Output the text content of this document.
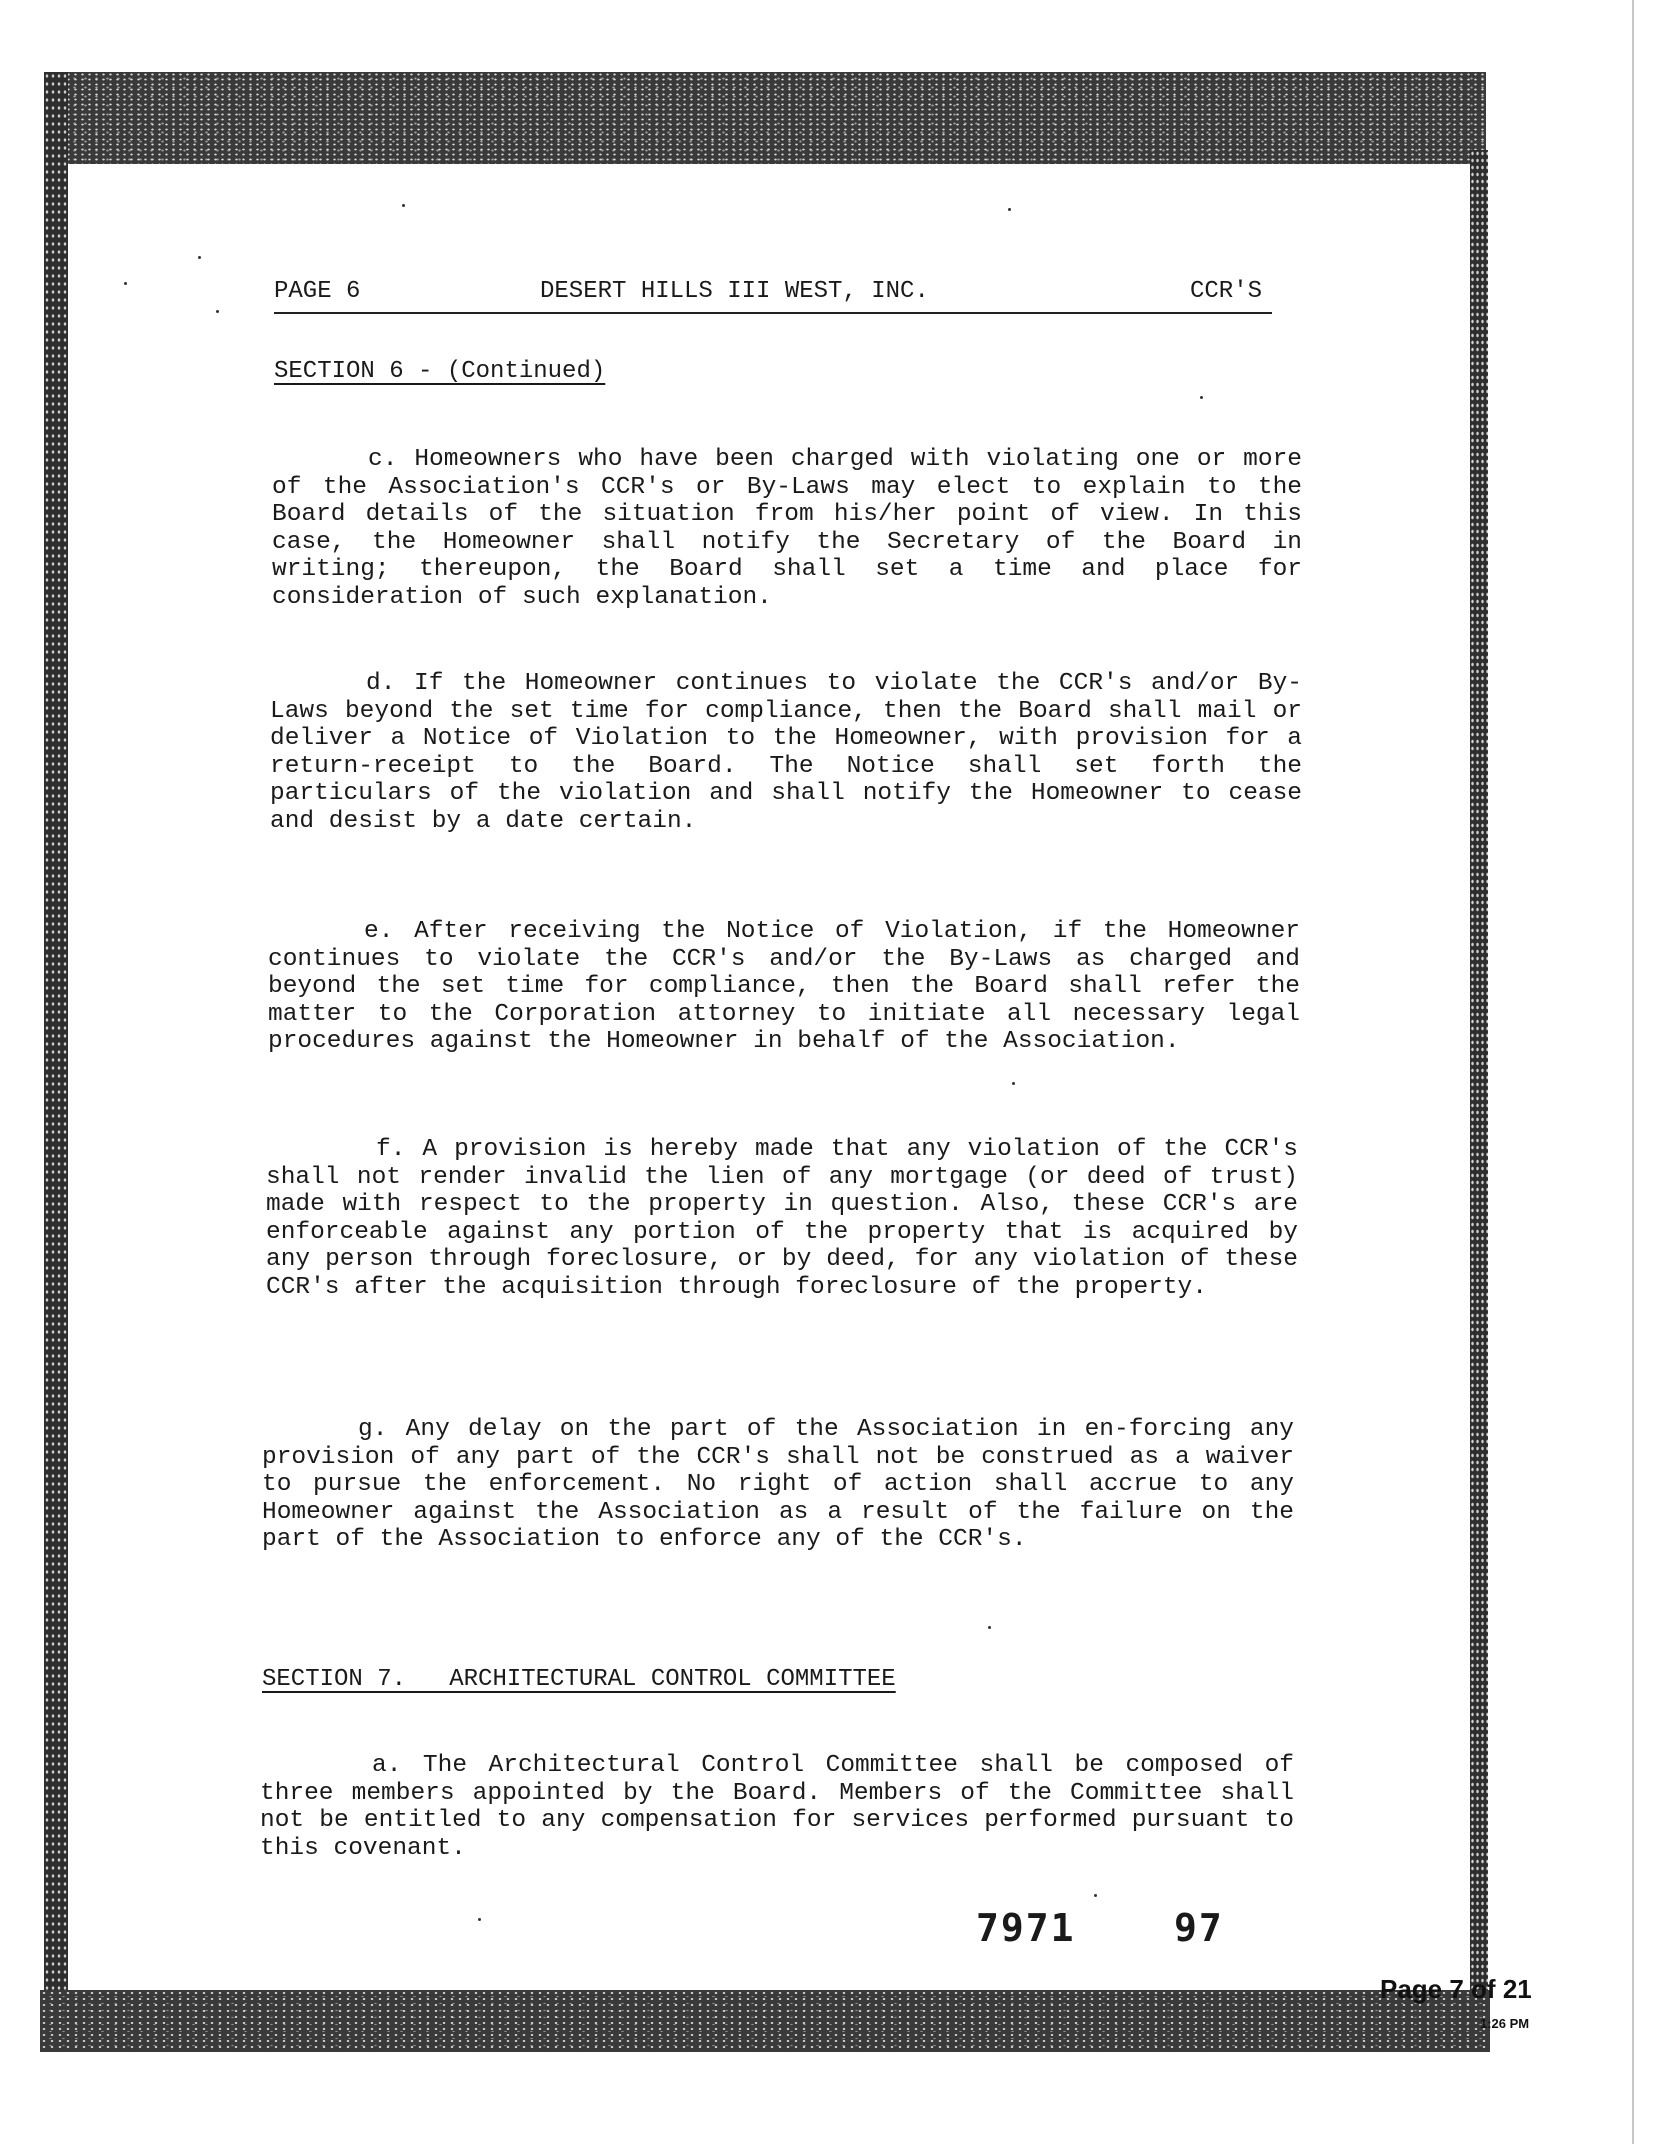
PAGE 6	DESERT HILLS III WEST, INC.	CCR'S
SECTION 6 - (Continued)
c. Homeowners who have been charged with violating one or more of the Association's CCR's or By-Laws may elect to explain to the Board details of the situation from his/her point of view. In this case, the Homeowner shall notify the Secretary of the Board in writing; thereupon, the Board shall set a time and place for consideration of such explanation.
d. If the Homeowner continues to violate the CCR's and/or By-Laws beyond the set time for compliance, then the Board shall mail or deliver a Notice of Violation to the Homeowner, with provision for a return-receipt to the Board. The Notice shall set forth the particulars of the violation and shall notify the Homeowner to cease and desist by a date certain.
e. After receiving the Notice of Violation, if the Homeowner continues to violate the CCR's and/or the By-Laws as charged and beyond the set time for compliance, then the Board shall refer the matter to the Corporation attorney to initiate all necessary legal procedures against the Homeowner in behalf of the Association.
f. A provision is hereby made that any violation of the CCR's shall not render invalid the lien of any mortgage (or deed of trust) made with respect to the property in question. Also, these CCR's are enforceable against any portion of the property that is acquired by any person through foreclosure, or by deed, for any violation of these CCR's after the acquisition through foreclosure of the property.
g. Any delay on the part of the Association in en-forcing any provision of any part of the CCR's shall not be construed as a waiver to pursue the enforcement. No right of action shall accrue to any Homeowner against the Association as a result of the failure on the part of the Association to enforce any of the CCR's.
SECTION 7.   ARCHITECTURAL CONTROL COMMITTEE
a. The Architectural Control Committee shall be composed of three members appointed by the Board. Members of the Committee shall not be entitled to any compensation for services performed pursuant to this covenant.
7971	97
Page 7 of 21
1:26 PM
